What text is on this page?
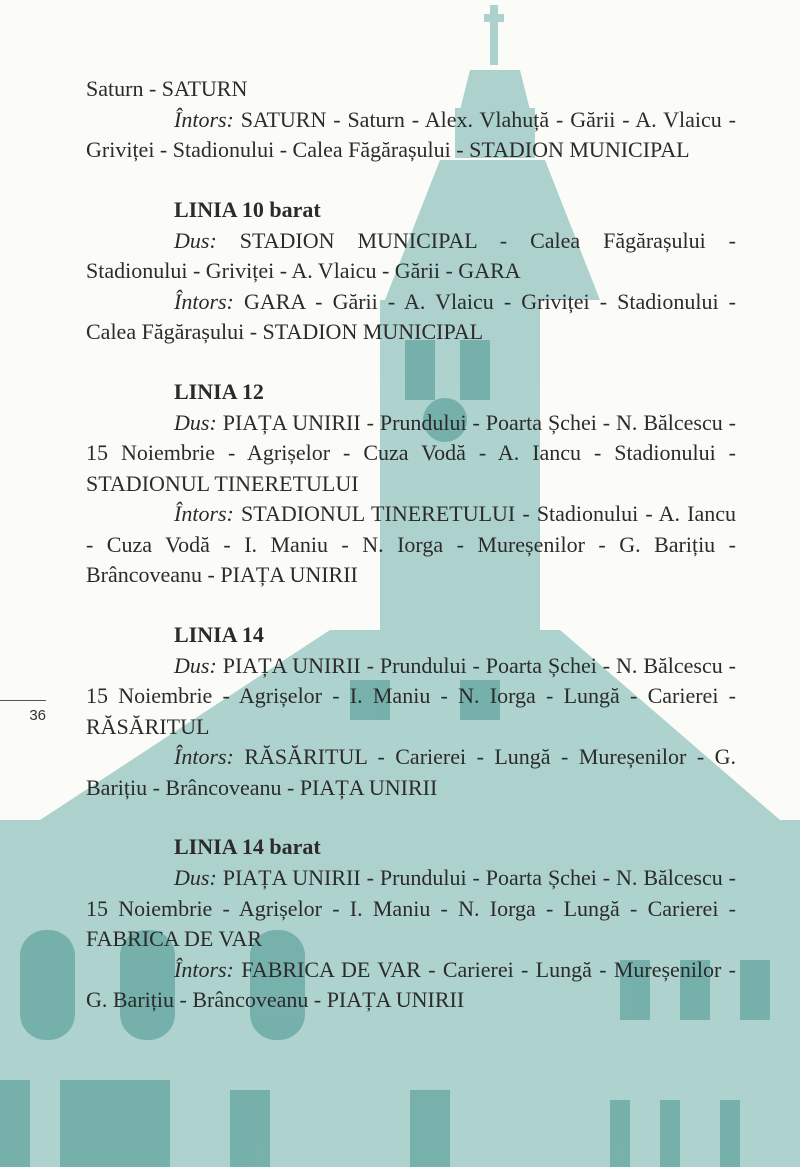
36
Saturn - SATURN
Întors: SATURN - Saturn - Alex. Vlahuță - Gării - A. Vlaicu - Griviței - Stadionului - Calea Făgărașului - STADION MUNICIPAL
LINIA 10 barat
Dus: STADION MUNICIPAL - Calea Făgărașului - Stadionului - Griviței - A. Vlaicu - Gării - GARA
Întors: GARA - Gării - A. Vlaicu - Griviței - Stadionului - Calea Făgărașului - STADION MUNICIPAL
LINIA 12
Dus: PIAȚA UNIRII - Prundului - Poarta Șchei - N. Bălcescu - 15 Noiembrie - Agrișelor - Cuza Vodă - A. Iancu - Stadionului - STADIONUL TINERETULUI
Întors: STADIONUL TINERETULUI - Stadionului - A. Iancu - Cuza Vodă - I. Maniu - N. Iorga - Mureșenilor - G. Barițiu - Brâncoveanu - PIAȚA UNIRII
LINIA 14
Dus: PIAȚA UNIRII - Prundului - Poarta Șchei - N. Bălcescu - 15 Noiembrie - Agrișelor - I. Maniu - N. Iorga - Lungă - Carierei - RĂSĂRITUL
Întors: RĂSĂRITUL - Carierei - Lungă - Mureșenilor - G. Barițiu - Brâncoveanu - PIAȚA UNIRII
LINIA 14 barat
Dus: PIAȚA UNIRII - Prundului - Poarta Șchei - N. Bălcescu - 15 Noiembrie - Agrișelor - I. Maniu - N. Iorga - Lungă - Carierei - FABRICA DE VAR
Întors: FABRICA DE VAR - Carierei - Lungă - Mureșenilor - G. Barițiu - Brâncoveanu - PIAȚA UNIRII
